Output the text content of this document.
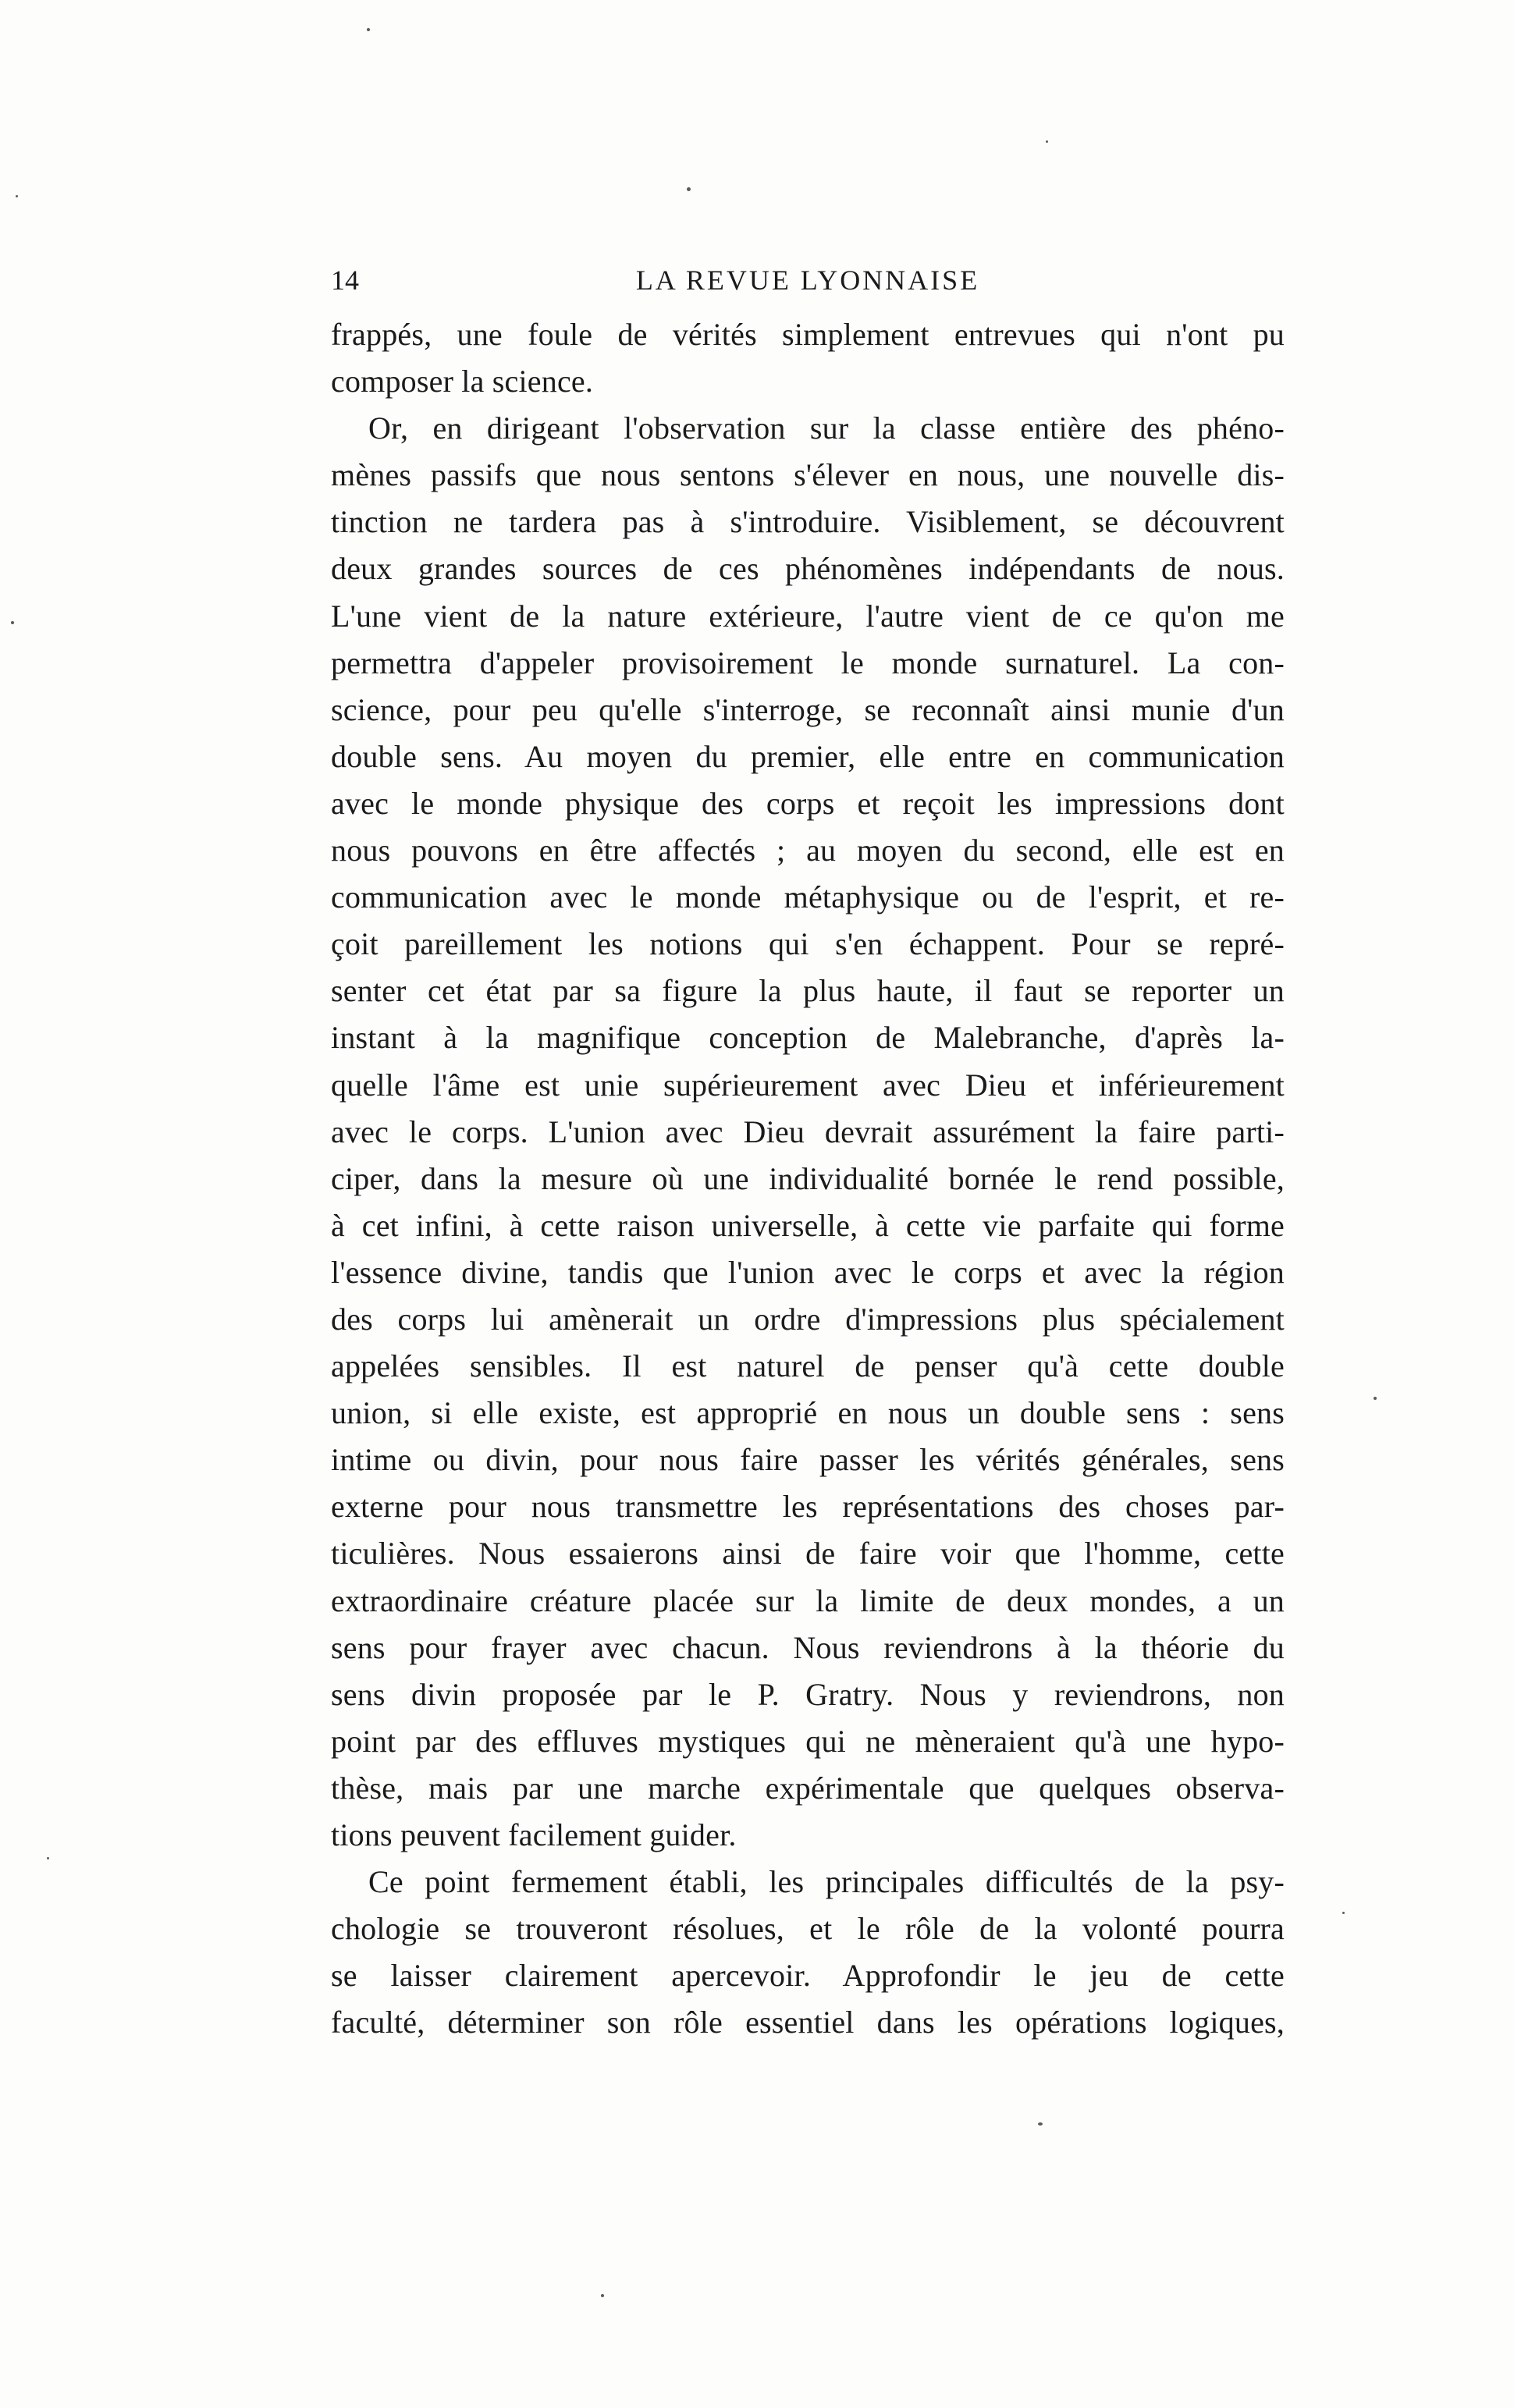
14	LA REVUE LYONNAISE
frappés, une foule de vérités simplement entrevues qui n'ont pu
composer la science.
Or, en dirigeant l'observation sur la classe entière des phéno-
mènes passifs que nous sentons s'élever en nous, une nouvelle dis-
tinction ne tardera pas à s'introduire. Visiblement, se découvrent
deux grandes sources de ces phénomènes indépendants de nous.
L'une vient de la nature extérieure, l'autre vient de ce qu'on me
permettra d'appeler provisoirement le monde surnaturel. La con-
science, pour peu qu'elle s'interroge, se reconnaît ainsi munie d'un
double sens. Au moyen du premier, elle entre en communication
avec le monde physique des corps et reçoit les impressions dont
nous pouvons en être affectés ; au moyen du second, elle est en
communication avec le monde métaphysique ou de l'esprit, et re-
çoit pareillement les notions qui s'en échappent. Pour se repré-
senter cet état par sa figure la plus haute, il faut se reporter un
instant à la magnifique conception de Malebranche, d'après la-
quelle l'âme est unie supérieurement avec Dieu et inférieurement
avec le corps. L'union avec Dieu devrait assurément la faire parti-
ciper, dans la mesure où une individualité bornée le rend possible,
à cet infini, à cette raison universelle, à cette vie parfaite qui forme
l'essence divine, tandis que l'union avec le corps et avec la région
des corps lui amènerait un ordre d'impressions plus spécialement
appelées sensibles. Il est naturel de penser qu'à cette double
union, si elle existe, est approprié en nous un double sens : sens
intime ou divin, pour nous faire passer les vérités générales, sens
externe pour nous transmettre les représentations des choses par-
ticulières. Nous essaierons ainsi de faire voir que l'homme, cette
extraordinaire créature placée sur la limite de deux mondes, a un
sens pour frayer avec chacun. Nous reviendrons à la théorie du
sens divin proposée par le P. Gratry. Nous y reviendrons, non
point par des effluves mystiques qui ne mèneraient qu'à une hypo-
thèse, mais par une marche expérimentale que quelques observa-
tions peuvent facilement guider.
Ce point fermement établi, les principales difficultés de la psy-
chologie se trouveront résolues, et le rôle de la volonté pourra
se laisser clairement apercevoir. Approfondir le jeu de cette
faculté, déterminer son rôle essentiel dans les opérations logiques,
